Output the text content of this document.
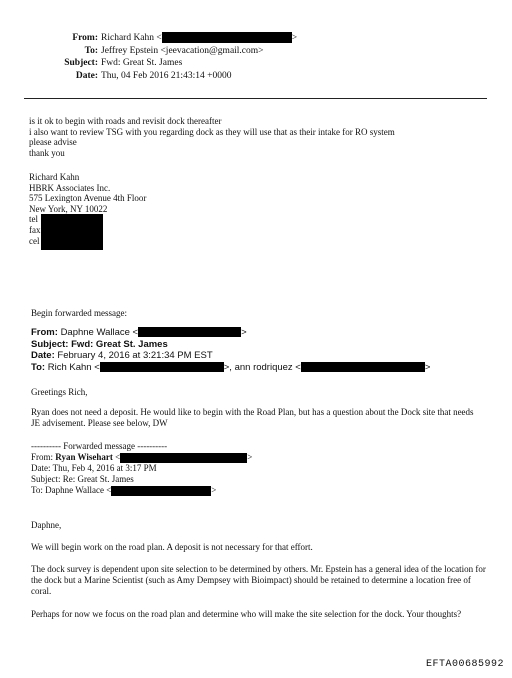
From: Richard Kahn <	>
To: Jeffrey Epstein <jeevacation@gmail.com>
Subject: Fwd: Great St. James
Date: Thu, 04 Feb 2016 21:43:14 +0000
is it ok to begin with roads and revisit dock thereafter
i also want to review TSG with you regarding dock as they will use that as their intake for RO system
please advise
thank you
Richard Kahn
HBRK Associates Inc.
575 Lexington Avenue 4th Floor
New York, NY 10022
tel
fax
cel
Begin forwarded message:
From: Daphne Wallace <	>
Subject: Fwd: Great St. James
Date: February 4, 2016 at 3:21:34 PM EST
To: Rich Kahn <	>, ann rodriquez <	>
Greetings Rich,
Ryan does not need a deposit. He would like to begin with the Road Plan, but has a question about the Dock site that needs JE advisement. Please see below, DW
---------- Forwarded message ----------
From: Ryan Wisehart <	>
Date: Thu, Feb 4, 2016 at 3:17 PM
Subject: Re: Great St. James
To: Daphne Wallace <	>
Daphne,
We will begin work on the road plan. A deposit is not necessary for that effort.
The dock survey is dependent upon site selection to be determined by others. Mr. Epstein has a general idea of the location for the dock but a Marine Scientist (such as Amy Dempsey with Bioimpact) should be retained to determine a location free of coral.
Perhaps for now we focus on the road plan and determine who will make the site selection for the dock. Your thoughts?
EFTA00685992
